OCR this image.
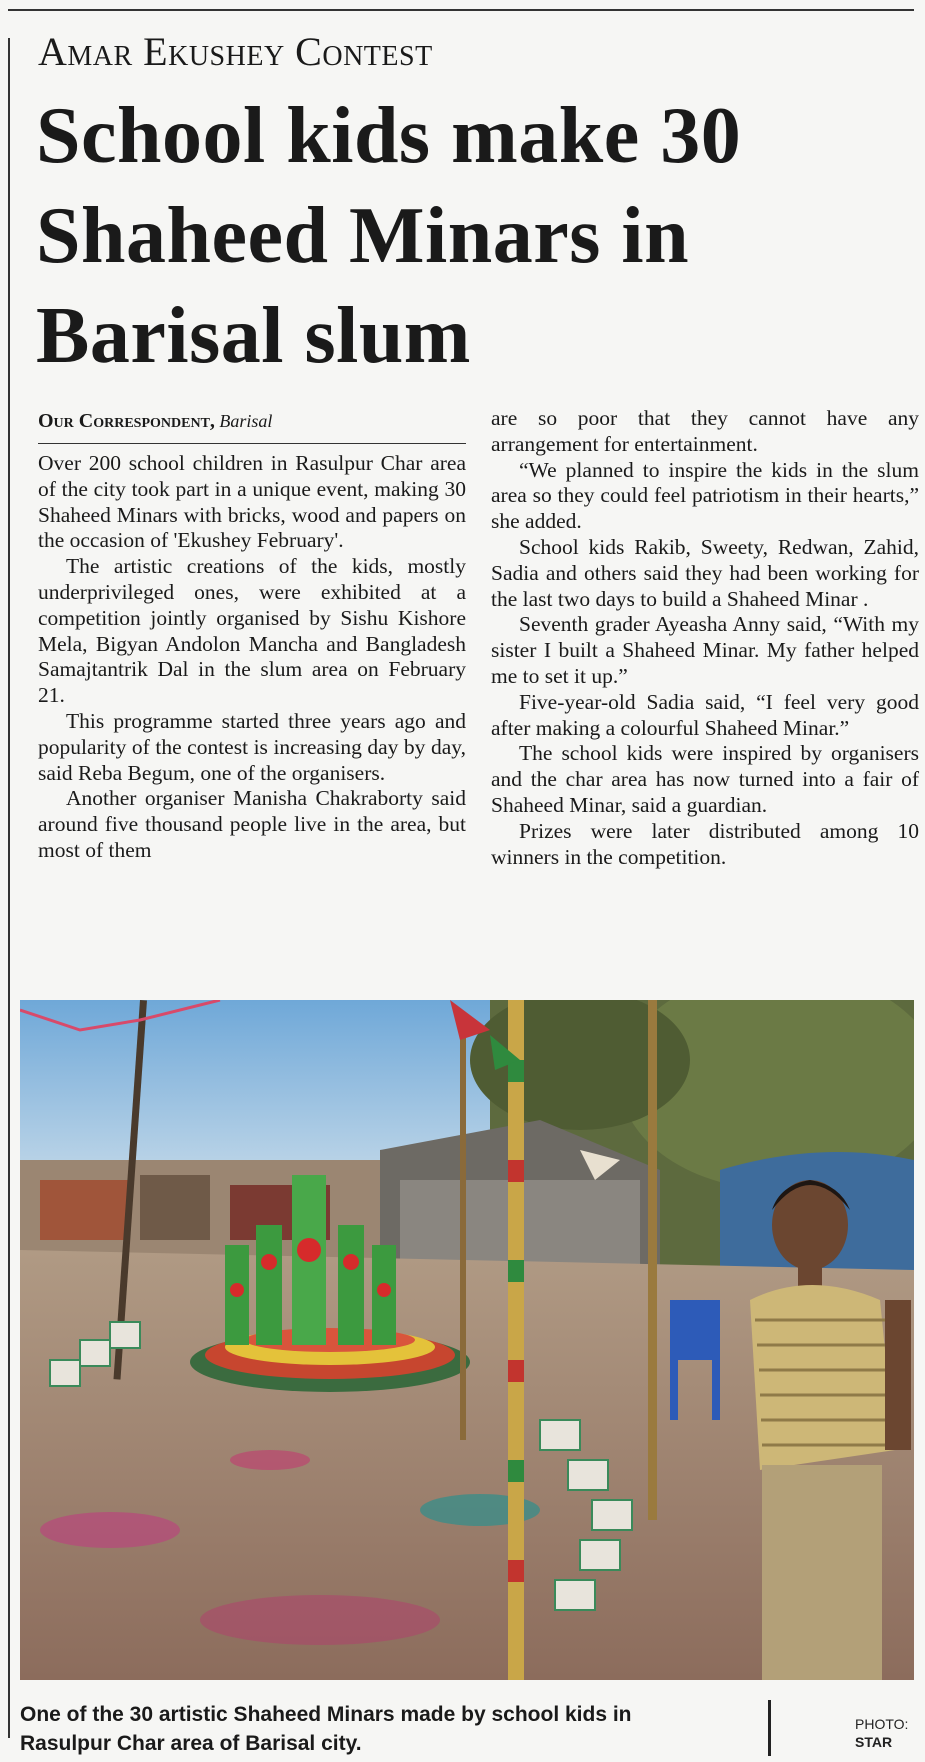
Amar Ekushey Contest
School kids make 30 Shaheed Minars in Barisal slum
Our Correspondent, Barisal

Over 200 school children in Rasulpur Char area of the city took part in a unique event, making 30 Shaheed Minars with bricks, wood and papers on the occasion of 'Ekushey February'.

The artistic creations of the kids, mostly underprivileged ones, were exhibited at a competition jointly organised by Sishu Kishore Mela, Bigyan Andolon Mancha and Bangladesh Samajtantrik Dal in the slum area on February 21.

This programme started three years ago and popularity of the contest is increasing day by day, said Reba Begum, one of the organisers.

Another organiser Manisha Chakraborty said around five thousand people live in the area, but most of them

are so poor that they cannot have any arrangement for entertainment.

“We planned to inspire the kids in the slum area so they could feel patriotism in their hearts,” she added.

School kids Rakib, Sweety, Redwan, Zahid, Sadia and others said they had been working for the last two days to build a Shaheed Minar .

Seventh grader Ayeasha Anny said, “With my sister I built a Shaheed Minar. My father helped me to set it up.”

Five-year-old Sadia said, “I feel very good after making a colourful Shaheed Minar.”

The school kids were inspired by organisers and the char area has now turned into a fair of Shaheed Minar, said a guardian.

Prizes were later distributed among 10 winners in the competition.

One of the 30 artistic Shaheed Minars made by school kids in Rasulpur Char area of Barisal city.
PHOTO:
STAR
